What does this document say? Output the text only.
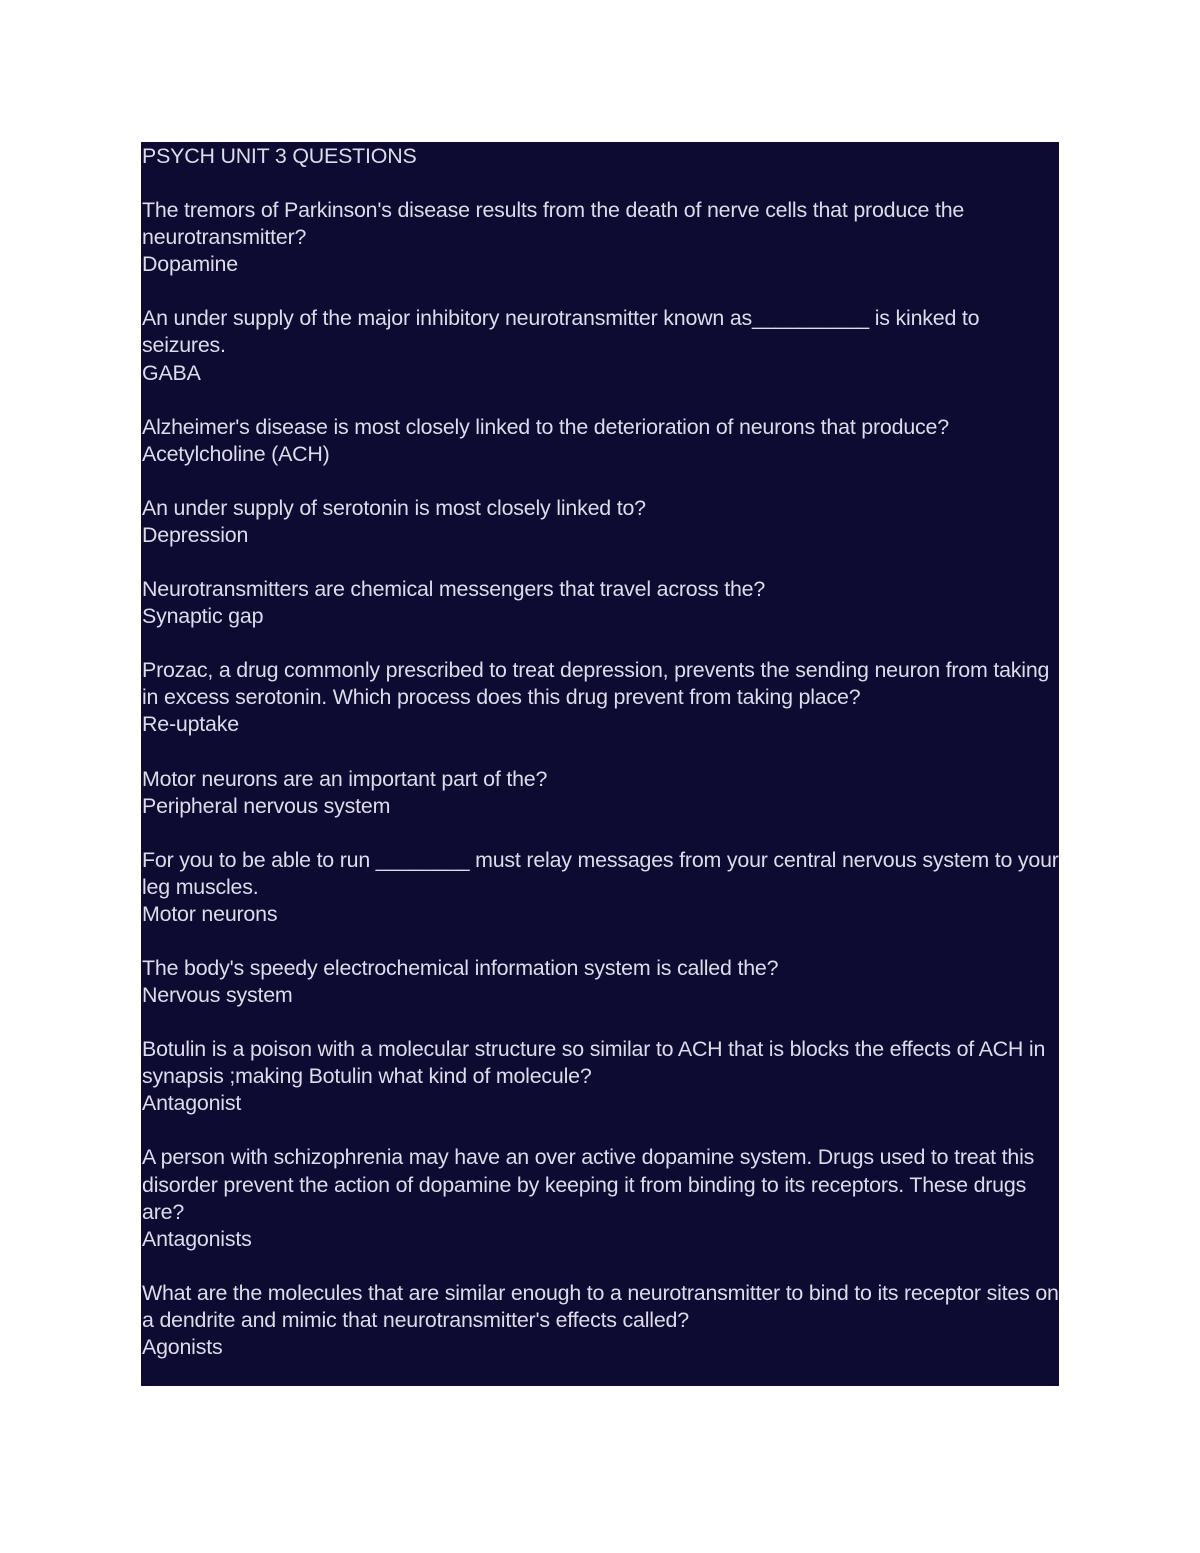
PSYCH UNIT 3 QUESTIONS
The tremors of Parkinson's disease results from the death of nerve cells that produce the neurotransmitter?
Dopamine
An under supply of the major inhibitory neurotransmitter known as__________ is kinked to seizures.
GABA
Alzheimer's disease is most closely linked to the deterioration of neurons that produce?
Acetylcholine (ACH)
An under supply of serotonin is most closely linked to?
Depression
Neurotransmitters are chemical messengers that travel across the?
Synaptic gap
Prozac, a drug commonly prescribed to treat depression, prevents the sending neuron from taking in excess serotonin. Which process does this drug prevent from taking place?
Re-uptake
Motor neurons are an important part of the?
Peripheral nervous system
For you to be able to run ________ must relay messages from your central nervous system to your leg muscles.
Motor neurons
The body's speedy electrochemical information system is called the?
Nervous system
Botulin is a poison with a molecular structure so similar to ACH that is blocks the effects of ACH in synapsis ;making Botulin what kind of molecule?
Antagonist
A person with schizophrenia may have an over active dopamine system. Drugs used to treat this disorder prevent the action of dopamine by keeping it from binding to its receptors. These drugs are?
Antagonists
What are the molecules that are similar enough to a neurotransmitter to bind to its receptor sites on a dendrite and mimic that neurotransmitter's effects called?
Agonists
